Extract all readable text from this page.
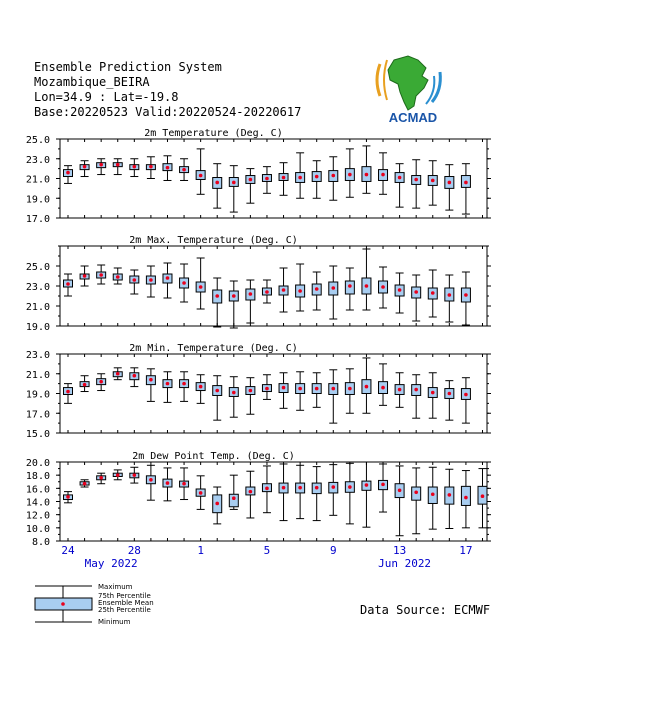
Ensemble Prediction System
Mozambique_BEIRA
Lon=34.9 : Lat=-19.8
Base:20220523 Valid:20220524-20220617	ACMAD
2m Temperature (Deg. C)
17.0
19.0
21.0
23.0
25.0
2m Max. Temperature (Deg. C)
19.0
21.0
23.0
25.0
2m Min. Temperature (Deg. C)
15.0
17.0
19.0
21.0
23.0
2m Dew Point Temp. (Deg. C)
8.0
10.0
12.0
14.0
16.0
18.0
20.0
24	28	1	5	9	13	17
May 2022	Jun 2022
Maximum
75th Percentile
Ensemble Mean
25th Percentile
Minimum
Data Source: ECMWF
